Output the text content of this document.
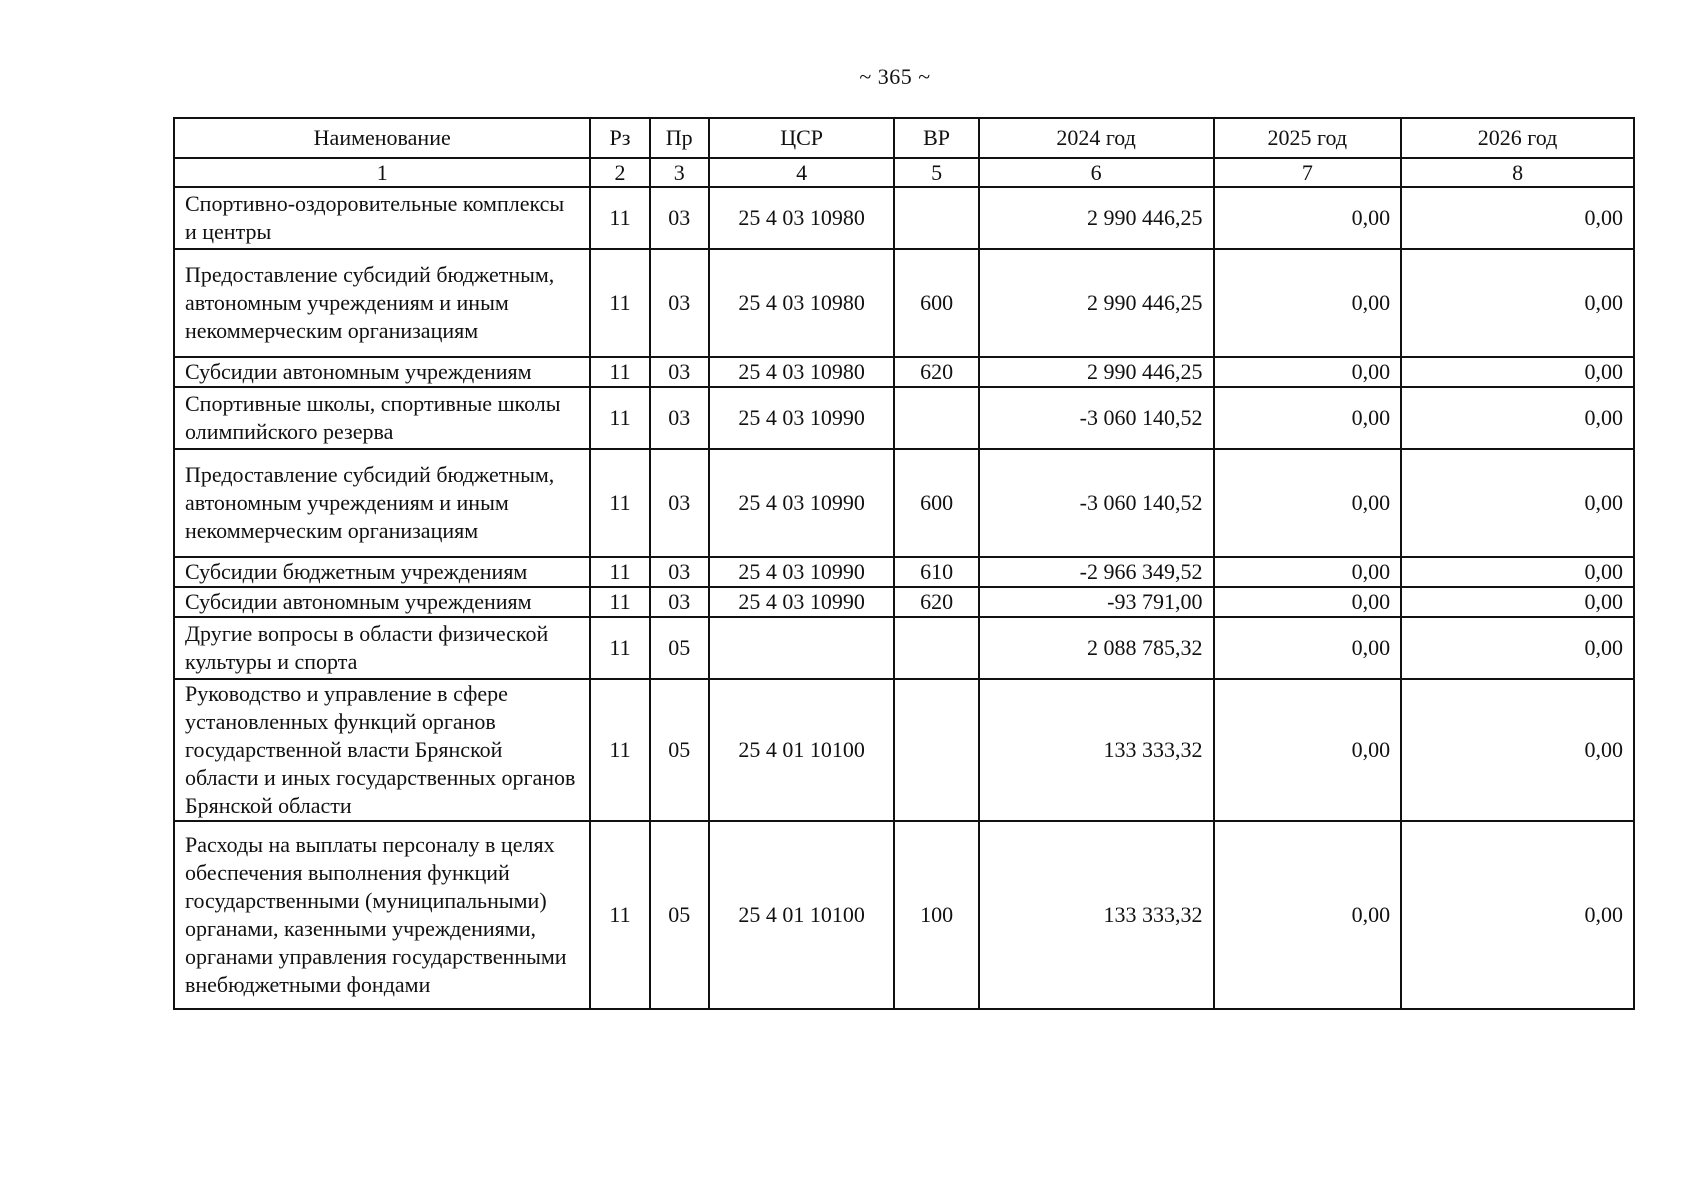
~ 365 ~
Наименование	Рз	Пр	ЦСР	ВР	2024 год	2025 год	2026 год
1	2	3	4	5	6	7	8
Спортивно-оздоровительные комплексы и центры	11	03	25 4 03 10980		2 990 446,25	0,00	0,00
Предоставление субсидий бюджетным, автономным учреждениям и иным некоммерческим организациям	11	03	25 4 03 10980	600	2 990 446,25	0,00	0,00
Субсидии автономным учреждениям	11	03	25 4 03 10980	620	2 990 446,25	0,00	0,00
Спортивные школы, спортивные школы олимпийского резерва	11	03	25 4 03 10990		-3 060 140,52	0,00	0,00
Предоставление субсидий бюджетным, автономным учреждениям и иным некоммерческим организациям	11	03	25 4 03 10990	600	-3 060 140,52	0,00	0,00
Субсидии бюджетным учреждениям	11	03	25 4 03 10990	610	-2 966 349,52	0,00	0,00
Субсидии автономным учреждениям	11	03	25 4 03 10990	620	-93 791,00	0,00	0,00
Другие вопросы в области физической культуры и спорта	11	05			2 088 785,32	0,00	0,00
Руководство и управление в сфере установленных функций органов государственной власти Брянской области и иных государственных органов Брянской области	11	05	25 4 01 10100		133 333,32	0,00	0,00
Расходы на выплаты персоналу в целях обеспечения выполнения функций государственными (муниципальными) органами, казенными учреждениями, органами управления государственными внебюджетными фондами	11	05	25 4 01 10100	100	133 333,32	0,00	0,00
